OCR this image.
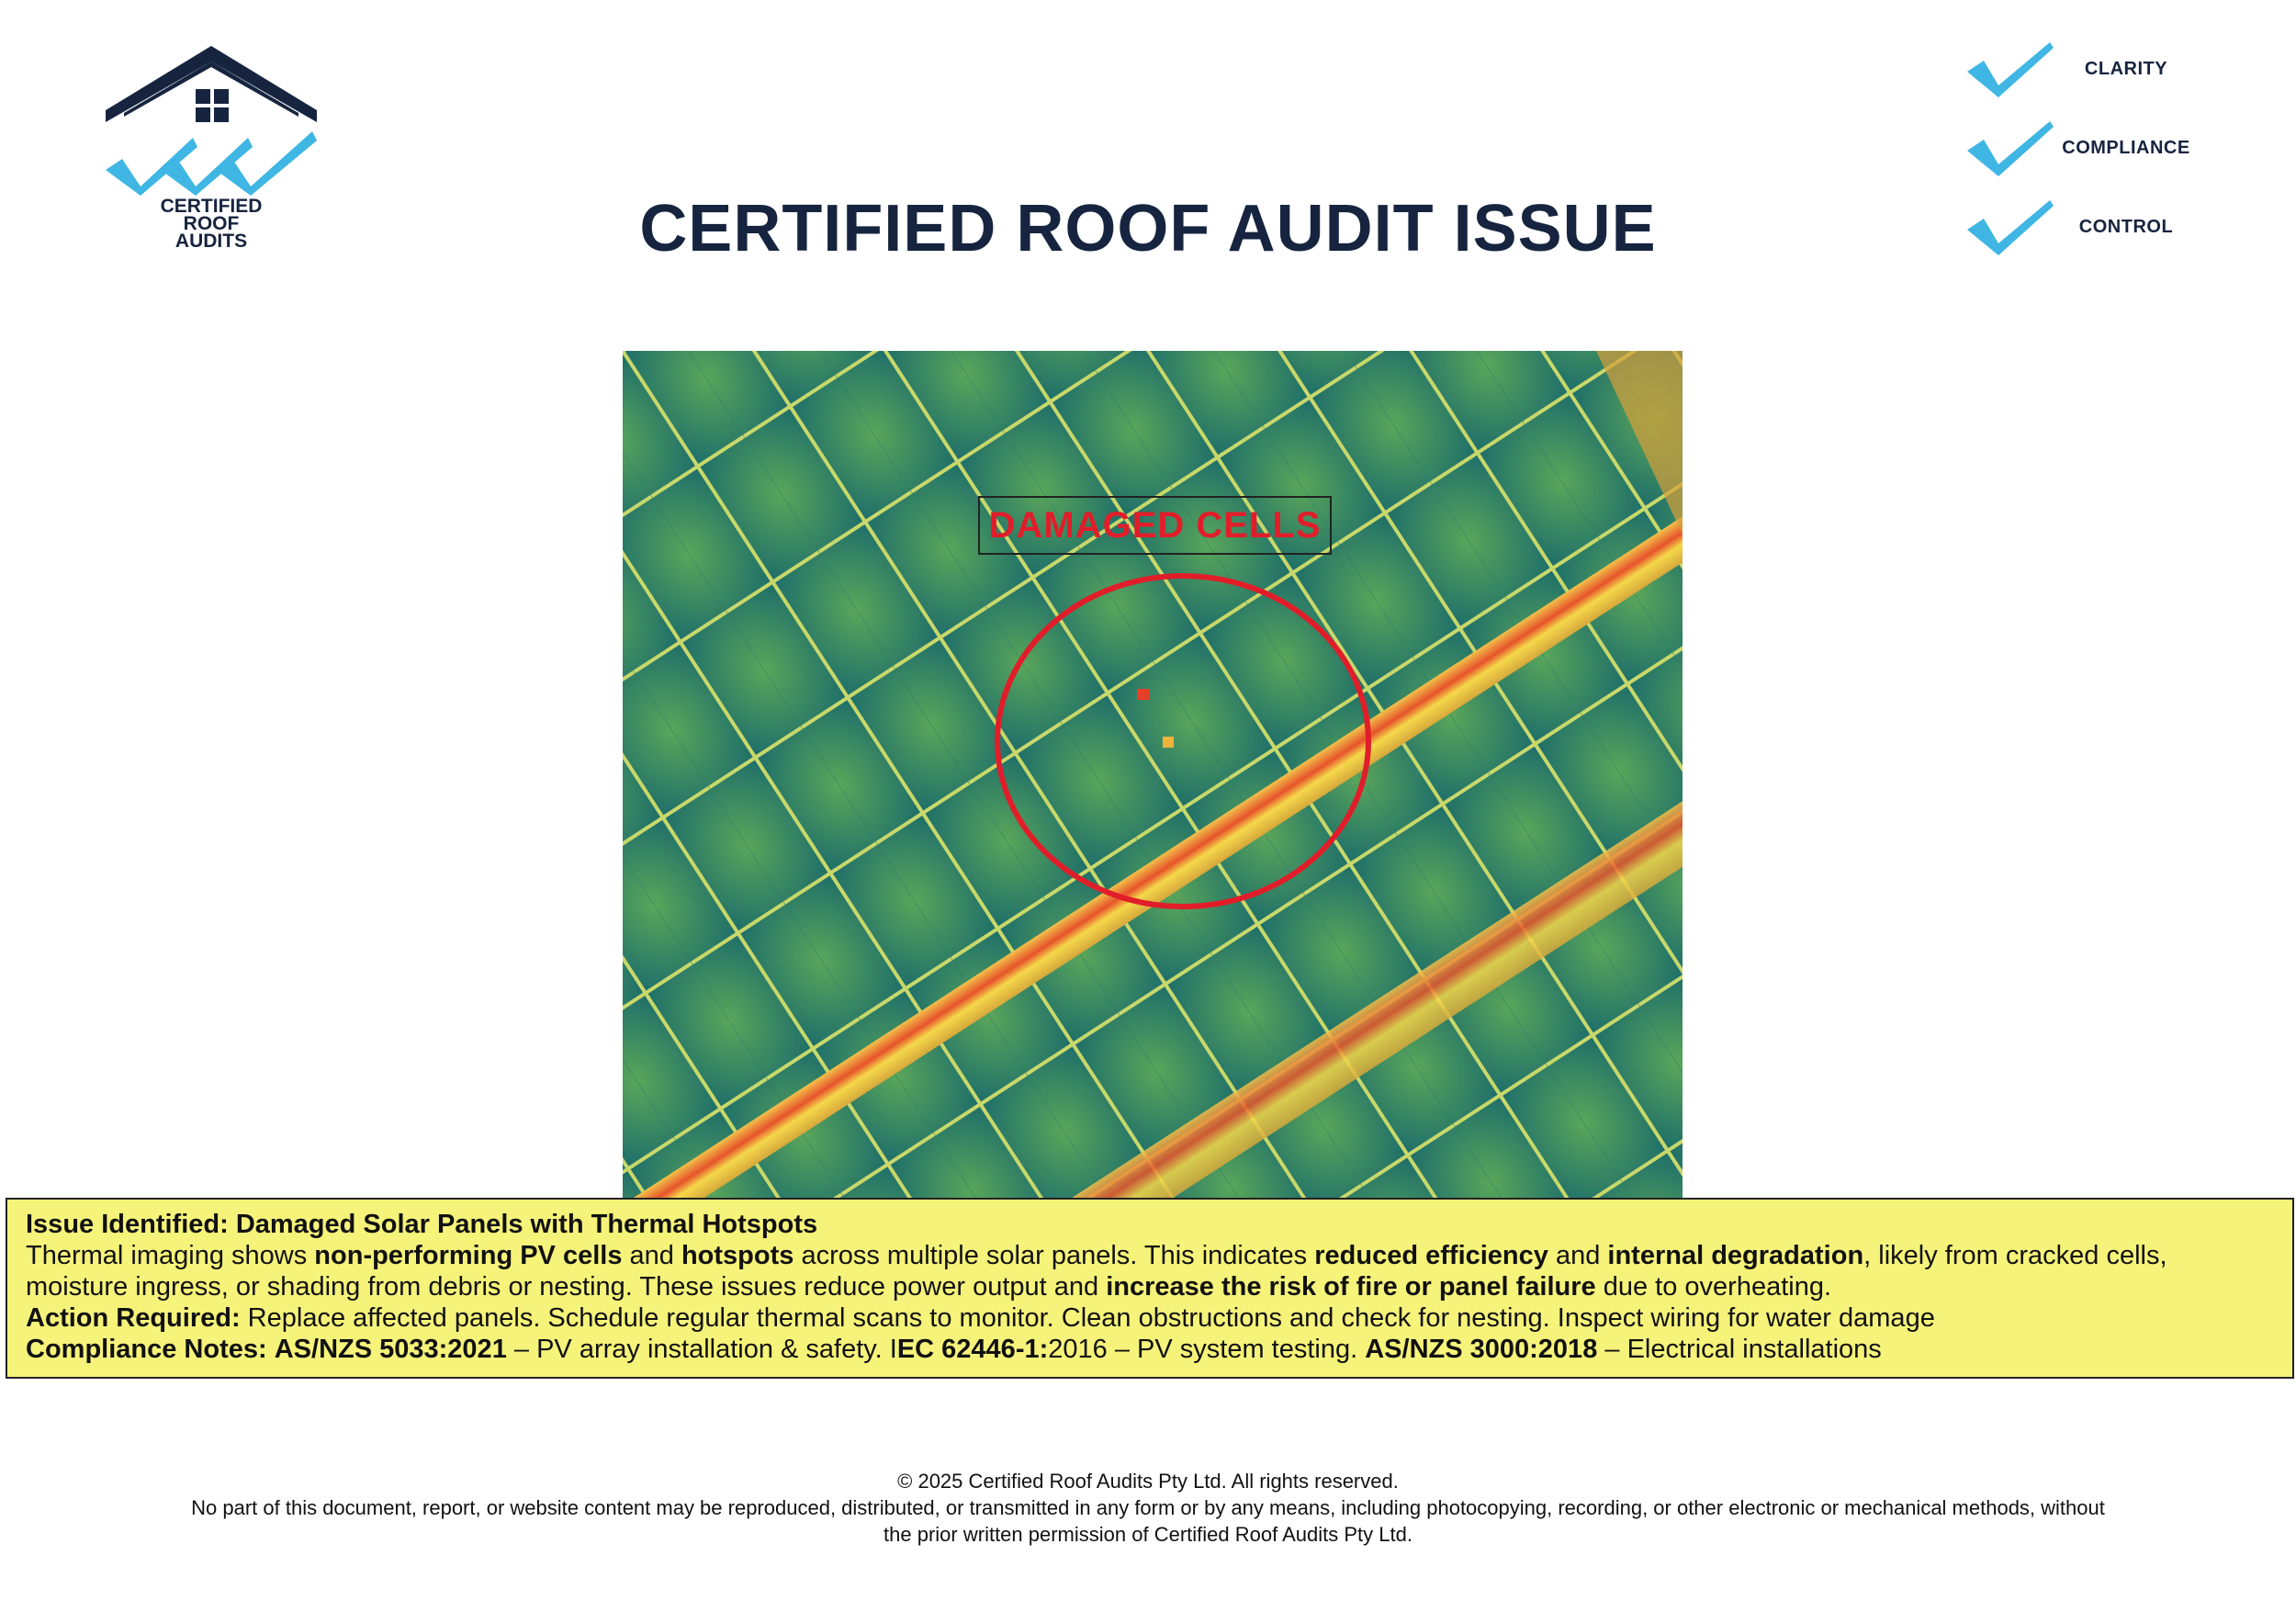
CERTIFIED
ROOF
AUDITS	CERTIFIED ROOF AUDIT ISSUE
CLARITY
COMPLIANCE
CONTROL
DAMAGED CELLS

Issue Identified: Damaged Solar Panels with Thermal Hotspots

Thermal imaging shows non-performing PV cells and hotspots across multiple solar panels. This indicates reduced efficiency and internal degradation, likely from cracked cells, moisture ingress, or shading from debris or nesting. These issues reduce power output and increase the risk of fire or panel failure due to overheating.

Action Required: Replace affected panels. Schedule regular thermal scans to monitor. Clean obstructions and check for nesting. Inspect wiring for water damage

Compliance Notes: AS/NZS 5033:2021 – PV array installation & safety. IEC 62446-1:2016 – PV system testing. AS/NZS 3000:2018 – Electrical installations

© 2025 Certified Roof Audits Pty Ltd. All rights reserved.

No part of this document, report, or website content may be reproduced, distributed, or transmitted in any form or by any means, including photocopying, recording, or other electronic or mechanical methods, without

the prior written permission of Certified Roof Audits Pty Ltd.
